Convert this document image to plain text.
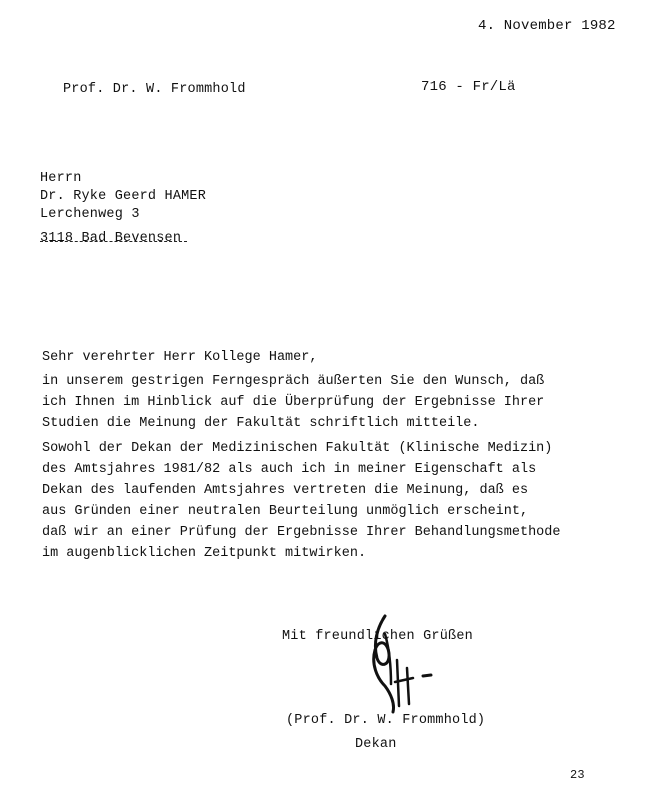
4. November 1982
Prof. Dr. W. Frommhold	716 - Fr/Lä
Herrn
Dr. Ryke Geerd HAMER
Lerchenweg 3
3118 Bad Bevensen
Sehr verehrter Herr Kollege Hamer,
in unserem gestrigen Ferngespräch äußerten Sie den Wunsch, daß
ich Ihnen im Hinblick auf die Überprüfung der Ergebnisse Ihrer
Studien die Meinung der Fakultät schriftlich mitteile.
Sowohl der Dekan der Medizinischen Fakultät (Klinische Medizin)
des Amtsjahres 1981/82 als auch ich in meiner Eigenschaft als
Dekan des laufenden Amtsjahres vertreten die Meinung, daß es
aus Gründen einer neutralen Beurteilung unmöglich erscheint,
daß wir an einer Prüfung der Ergebnisse Ihrer Behandlungsmethode
im augenblicklichen Zeitpunkt mitwirken.
Mit freundlichen Grüßen
(Prof. Dr. W. Frommhold)
Dekan
23
